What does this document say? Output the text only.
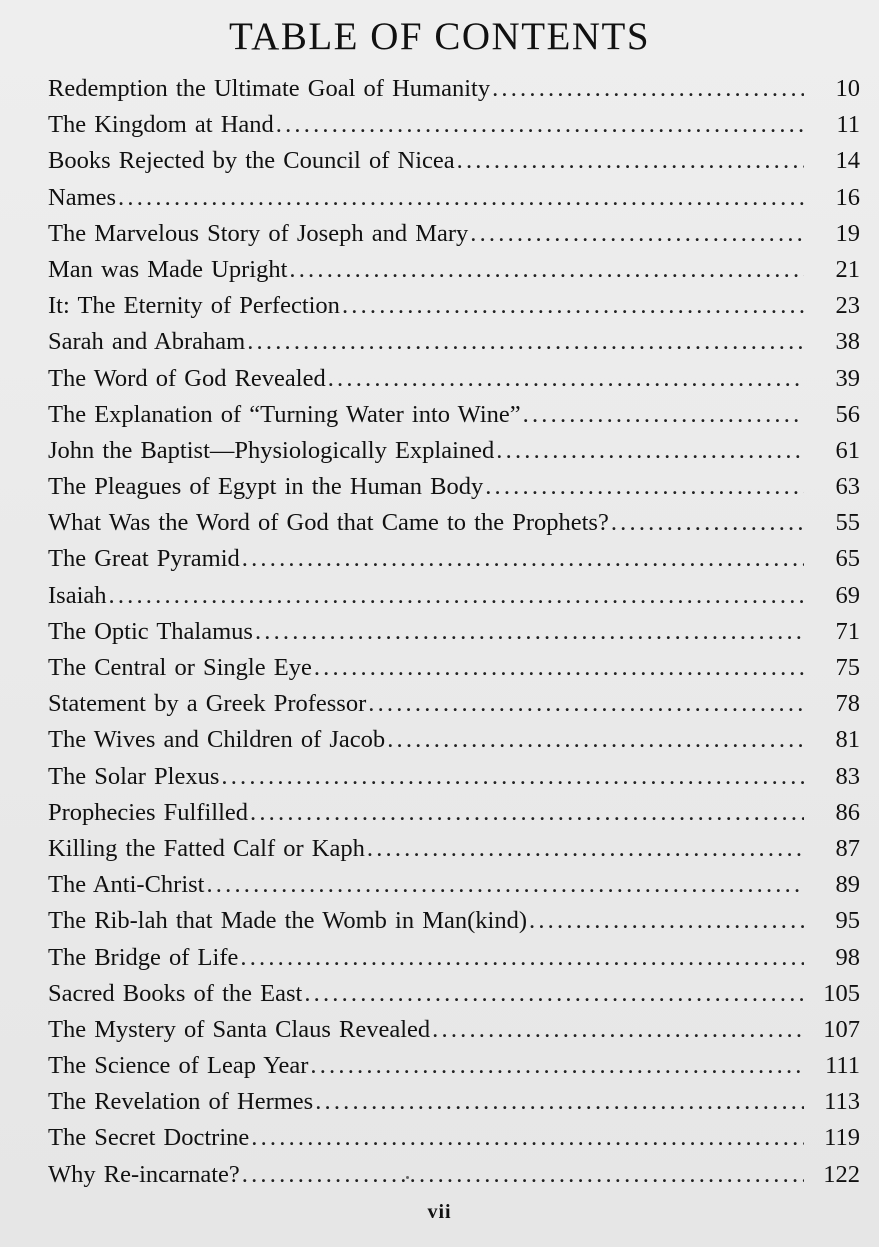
TABLE OF CONTENTS
Redemption the Ultimate Goal of Humanity .....	10
The Kingdom at Hand .....	11
Books Rejected by the Council of Nicea .....	14
Names .....	16
The Marvelous Story of Joseph and Mary .....	19
Man was Made Upright .....	21
It: The Eternity of Perfection .....	23
Sarah and Abraham .....	38
The Word of God Revealed .....	39
The Explanation of “Turning Water into Wine” .....	56
John the Baptist—Physiologically Explained .....	61
The Pleagues of Egypt in the Human Body .....	63
What Was the Word of God that Came to the Prophets? .....	55
The Great Pyramid .....	65
Isaiah .....	69
The Optic Thalamus .....	71
The Central or Single Eye .....	75
Statement by a Greek Professor .....	78
The Wives and Children of Jacob .....	81
The Solar Plexus .....	83
Prophecies Fulfilled .....	86
Killing the Fatted Calf or Kaph .....	87
The Anti-Christ .....	89
The Rib-lah that Made the Womb in Man(kind) .....	95
The Bridge of Life .....	98
Sacred Books of the East .....	105
The Mystery of Santa Claus Revealed .....	107
The Science of Leap Year .....	111
The Revelation of Hermes .....	113
The Secret Doctrine .....	119
Why Re-incarnate? .....	122
vii
